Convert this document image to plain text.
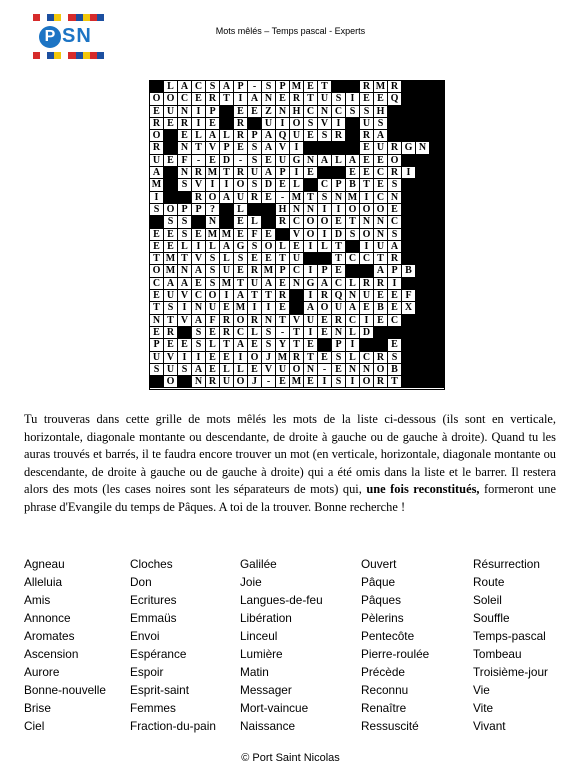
P SN	Mots mêlés – Temps pascal - Experts
L A C S A P - S P M E T	R M R
O O C E R T I A N E R T U S I E E Q
E U N I P	E E Z N H C N C S S H
R E R I E	R	U I O S V I	U S
O	E L A L R P A Q U E S R	R A
R	N T V P E S A V I	E U R G N
U E F - E D - S E U G N A L A E E O
A	N R M T R U A P I E	E E C R I
M	S V I	I O S D E L	C P B T E S
I	R O A U R E - M T S N M I C N
S O P P ?	L	H N N I	I O O O E
S S	N	E L	R C O O E T N N C
E E S E M M E F E	V O I D S O N S
E E L I L A G S O L E I L T	I U A
T M T V S L S E E T U	T C C T R
O M N A S U E R M P C I P E	A P B
C A A E S M T U A E N G A C L R R I
E U V C O I A T T R	I R Q N U E E F
T S I N U E M I	I E	A O U A E B E X
N T V A F R O R N T V U E R C I E C
E R	S E R C L S - T I E N L D
P E E S L T A E S Y T E	P I	E
U V I	I E E I O J M R T E S L C R S
S U S A E L L E V U O N - E N N O B
O	N R U O J - E M E I S I O R T

Tu trouveras dans cette grille de mots mêlés les mots de la liste ci-dessous (ils sont en verticale, horizontale, diagonale montante ou descendante, de droite à gauche ou de gauche à droite). Quand tu les auras trouvés et barrés, il te faudra encore trouver un mot (en verticale, horizontale, diagonale montante ou descendante, de droite à gauche ou de gauche à droite) qui a été omis dans la liste et le barrer. Il restera alors des mots (les cases noires sont les séparateurs de mots) qui, une fois reconstitués, formeront une phrase d'Evangile du temps de Pâques. A toi de la trouver. Bonne recherche !

Agneau
Alleluia
Amis
Annonce
Aromates
Ascension
Aurore
Bonne-nouvelle
Brise
Ciel
Cloches
Don
Ecritures
Emmaüs
Envoi
Espérance
Espoir
Esprit-saint
Femmes
Fraction-du-pain
Galilée
Joie
Langues-de-feu
Libération
Linceul
Lumière
Matin
Messager
Mort-vaincue
Naissance
Ouvert
Pâque
Pâques
Pèlerins
Pentecôte
Pierre-roulée
Précède
Reconnu
Renaître
Ressuscité
Résurrection
Route
Soleil
Souffle
Temps-pascal
Tombeau
Troisième-jour
Vie
Vite
Vivant
© Port Saint Nicolas
